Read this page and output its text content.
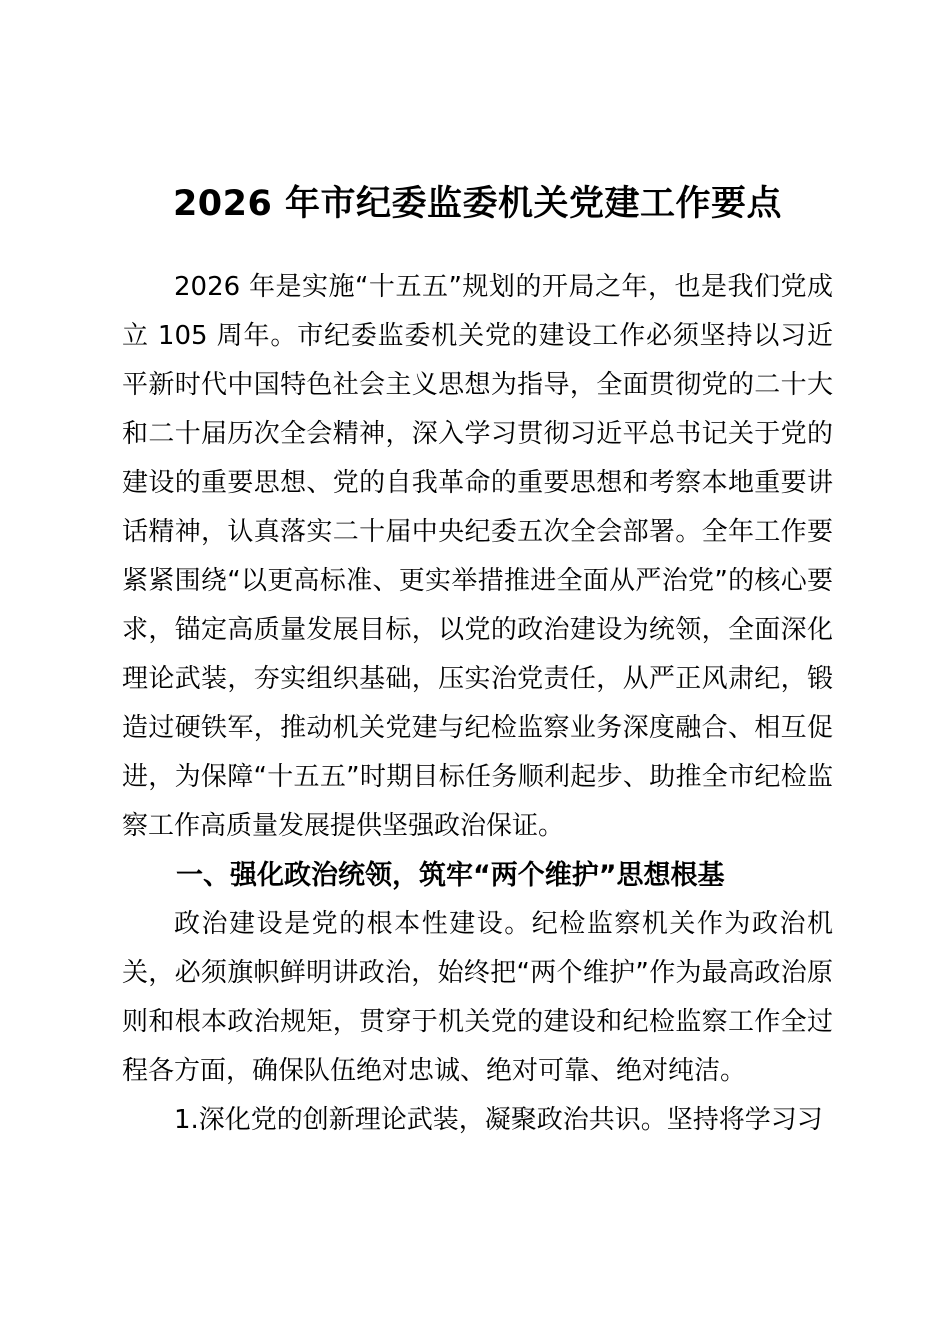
2026 年市纪委监委机关党建工作要点

2026 年是实施“十五五”规划的开局之年，也是我们党成立 105 周年。市纪委监委机关党的建设工作必须坚持以习近平新时代中国特色社会主义思想为指导，全面贯彻党的二十大和二十届历次全会精神，深入学习贯彻习近平总书记关于党的建设的重要思想、党的自我革命的重要思想和考察本地重要讲话精神，认真落实二十届中央纪委五次全会部署。全年工作要紧紧围绕“以更高标准、更实举措推进全面从严治党”的核心要求，锚定高质量发展目标，以党的政治建设为统领，全面深化理论武装，夯实组织基础，压实治党责任，从严正风肃纪，锻造过硬铁军，推动机关党建与纪检监察业务深度融合、相互促进，为保障“十五五”时期目标任务顺利起步、助推全市纪检监察工作高质量发展提供坚强政治保证。

一、强化政治统领，筑牢“两个维护”思想根基

政治建设是党的根本性建设。纪检监察机关作为政治机关，必须旗帜鲜明讲政治，始终把“两个维护”作为最高政治原则和根本政治规矩，贯穿于机关党的建设和纪检监察工作全过程各方面，确保队伍绝对忠诚、绝对可靠、绝对纯洁。

1.深化党的创新理论武装，凝聚政治共识。坚持将学习习
